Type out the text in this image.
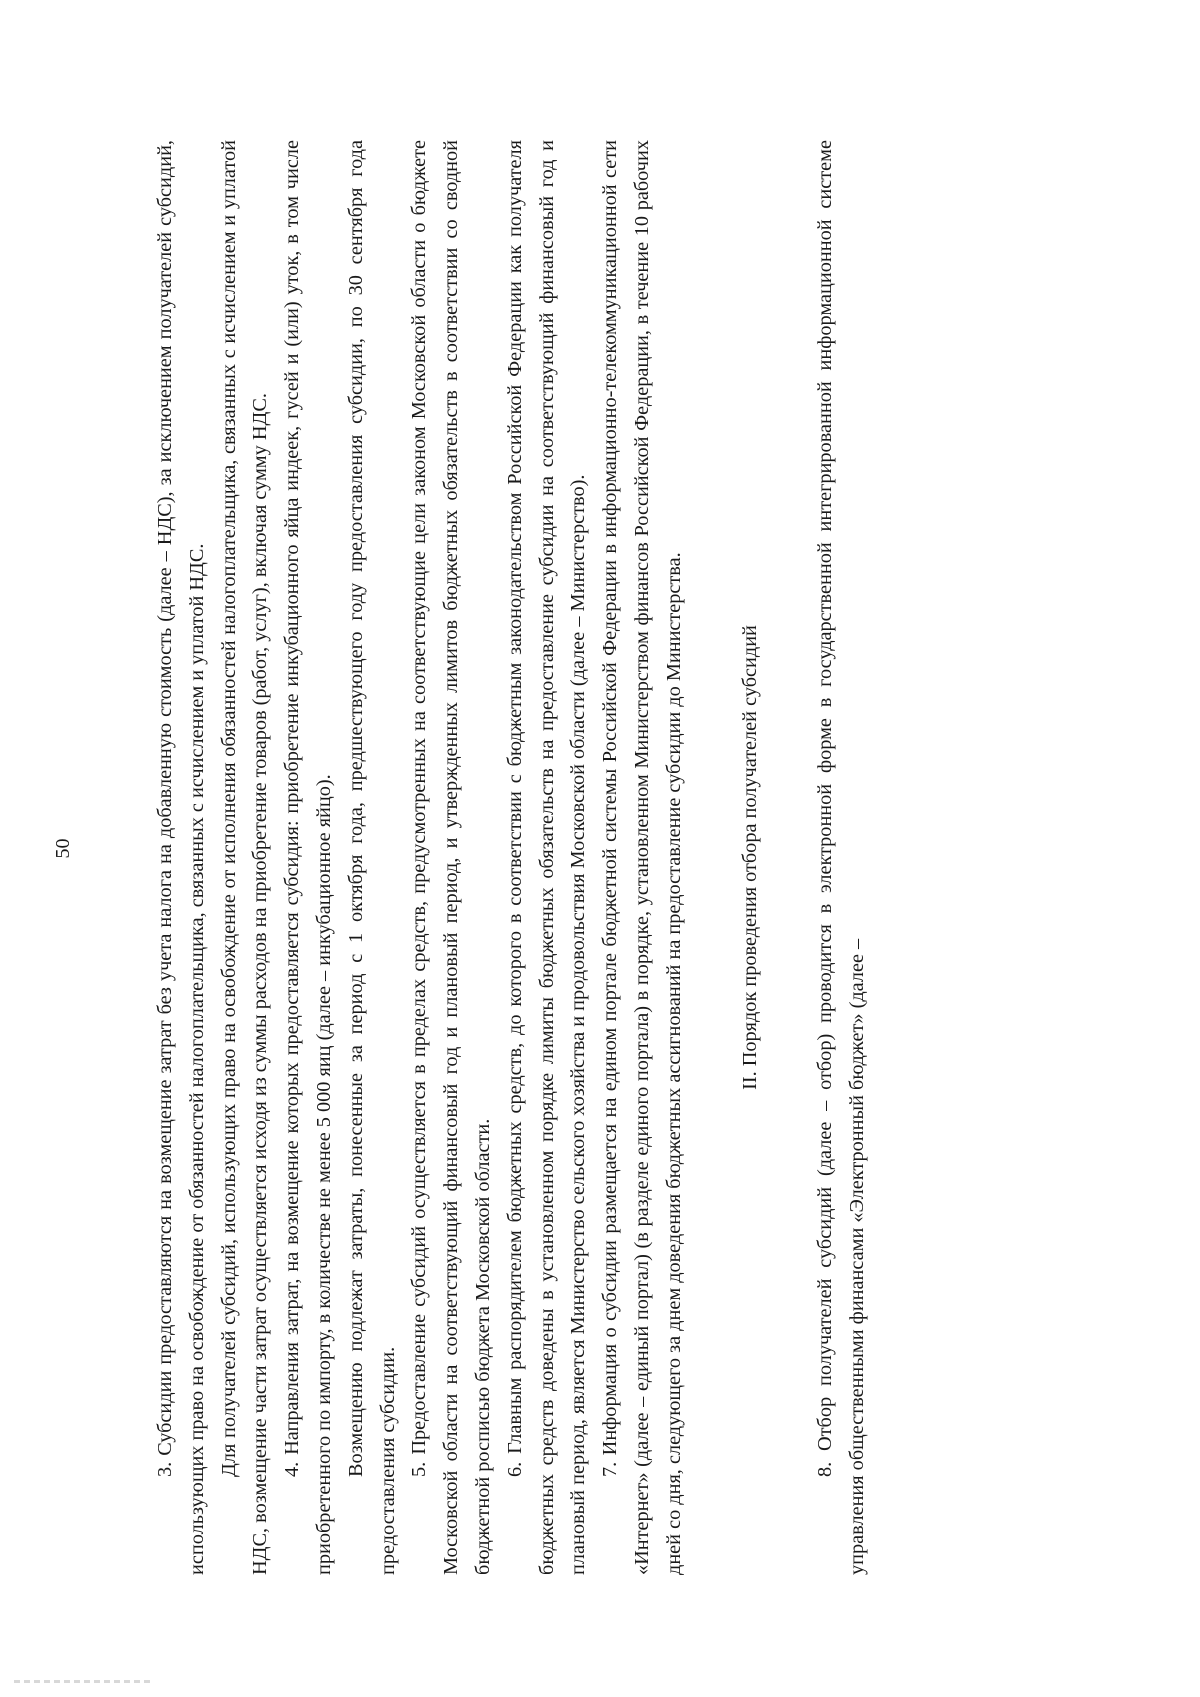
50	3. Субсидии предоставляются на возмещение затрат без учета налога на добавленную стоимость (далее – НДС), за исключением получателей субсидий, использующих право на освобождение от обязанностей налогоплательщика, связанных с исчислением и уплатой НДС. Для получателей субсидий, использующих право на освобождение от исполнения обязанностей налогоплательщика, связанных с исчислением и уплатой НДС, возмещение части затрат осуществляется исходя из суммы расходов на приобретение товаров (работ, услуг), включая сумму НДС. 4. Направления затрат, на возмещение которых предоставляется субсидия: приобретение инкубационного яйца индеек, гусей и (или) уток, в том числе приобретенного по импорту, в количестве не менее 5 000 яиц (далее – инкубационное яйцо). Возмещению подлежат затраты, понесенные за период с 1 октября года, предшествующего году предоставления субсидии, по 30 сентября года предоставления субсидии. 5. Предоставление субсидий осуществляется в пределах средств, предусмотренных на соответствующие цели законом Московской области о бюджете Московской области на соответствующий финансовый год и плановый период, и утвержденных лимитов бюджетных обязательств в соответствии со сводной бюджетной росписью бюджета Московской области. 6. Главным распорядителем бюджетных средств, до которого в соответствии с бюджетным законодательством Российской Федерации как получателя бюджетных средств доведены в установленном порядке лимиты бюджетных обязательств на предоставление субсидии на соответствующий финансовый год и плановый период, является Министерство сельского хозяйства и продовольствия Московской области (далее – Министерство). 7. Информация о субсидии размещается на едином портале бюджетной системы Российской Федерации в информационно-телекоммуникационной сети «Интернет» (далее – единый портал) (в разделе единого портала) в порядке, установленном Министерством финансов Российской Федерации, в течение 10 рабочих дней со дня, следующего за днем доведения бюджетных ассигнований на предоставление субсидии до Министерства.	II. Порядок проведения отбора получателей субсидий	8. Отбор получателей субсидий (далее – отбор) проводится в электронной форме в государственной интегрированной информационной системе управления общественными финансами «Электронный бюджет» (далее –
